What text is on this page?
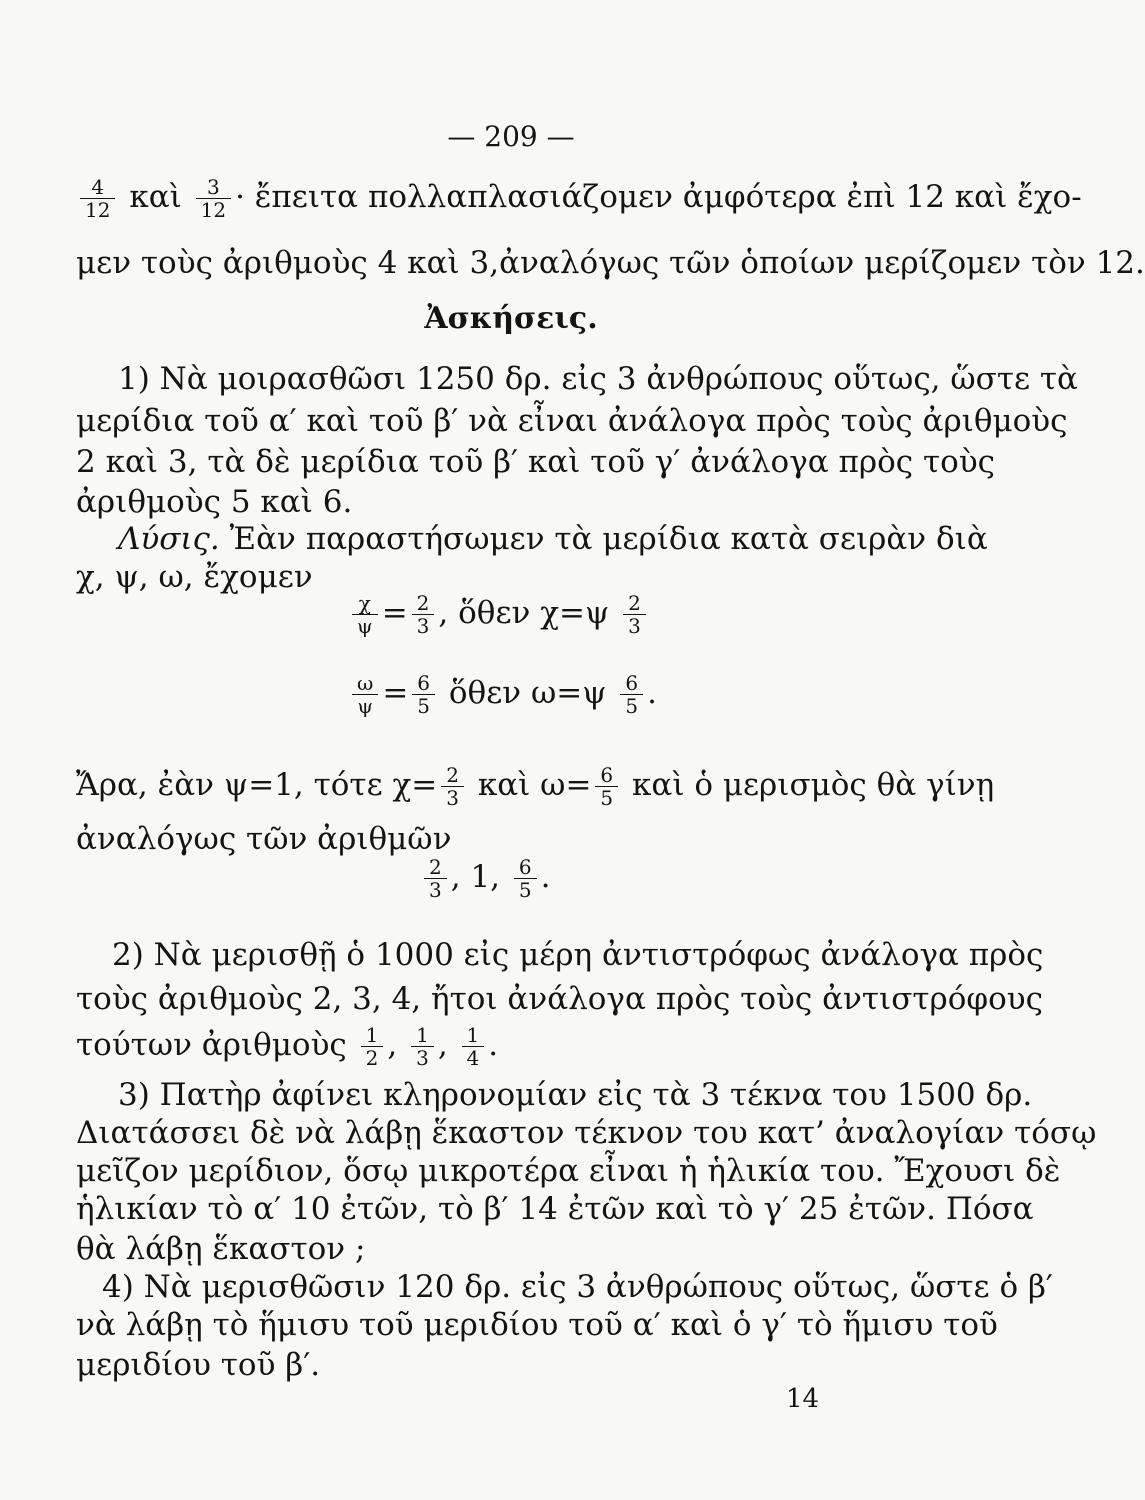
— 209 —
$\frac{4}{12}$ καὶ $\frac{3}{12}$ · ἔπειτα πολλαπλασιάζομεν ἀμφότερα ἐπὶ 12 καὶ ἔχο-
μεν τοὺς ἀριθμοὺς 4 καὶ 3,ἀναλόγως τῶν ὁποίων μερίζομεν τὸν 12.
Ἀσκήσεις.
1) Νὰ μοιρασθῶσι 1250 δρ. εἰς 3 ἀνθρώπους οὕτως, ὥστε τὰ
μερίδια τοῦ α′ καὶ τοῦ β′ νὰ εἶναι ἀνάλογα πρὸς τοὺς ἀριθμοὺς
2 καὶ 3, τὰ δὲ μερίδια τοῦ β′ καὶ τοῦ γ′ ἀνάλογα πρὸς τοὺς
ἀριθμοὺς 5 καὶ 6.
Λύσις. Ἐὰν παραστήσωμεν τὰ μερίδια κατὰ σειρὰν διὰ
χ, ψ, ω, ἔχομεν
$\frac{\chi}{\psi} = \frac{2}{3}$ , ὅθεν $\chi=\psi \frac{2}{3}$
$\frac{\omega}{\psi} = \frac{6}{5}$ ὅθεν $\omega=\psi \frac{6}{5}$ .
Ἄρα, ἐὰν ψ=1, τότε $\chi= \frac{2}{3}$ καὶ $\omega= \frac{6}{5}$ καὶ ὁ μερισμὸς θὰ γίνῃ
ἀναλόγως τῶν ἀριθμῶν
$\frac{2}{3}$ , 1, $\frac{6}{5}$ .
2) Νὰ μερισθῇ ὁ 1000 εἰς μέρη ἀντιστρόφως ἀνάλογα πρὸς
τοὺς ἀριθμοὺς 2, 3, 4, ἤτοι ἀνάλογα πρὸς τοὺς ἀντιστρόφους
τούτων ἀριθμοὺς $\frac{1}{2}$ , $\frac{1}{3}$ , $\frac{1}{4}$ .
3) Πατὴρ ἀφίνει κληρονομίαν εἰς τὰ 3 τέκνα του 1500 δρ.
Διατάσσει δὲ νὰ λάβῃ ἕκαστον τέκνον του κατ’ ἀναλογίαν τόσῳ
μεῖζον μερίδιον, ὅσῳ μικροτέρα εἶναι ἡ ἡλικία του. Ἔχουσι δὲ
ἡλικίαν τὸ α′ 10 ἐτῶν, τὸ β′ 14 ἐτῶν καὶ τὸ γ′ 25 ἐτῶν. Πόσα
θὰ λάβῃ ἕκαστον ;
4) Νὰ μερισθῶσιν 120 δρ. εἰς 3 ἀνθρώπους οὕτως, ὥστε ὁ β′
νὰ λάβῃ τὸ ἥμισυ τοῦ μεριδίου τοῦ α′ καὶ ὁ γ′ τὸ ἥμισυ τοῦ
μεριδίου τοῦ β′.
14
